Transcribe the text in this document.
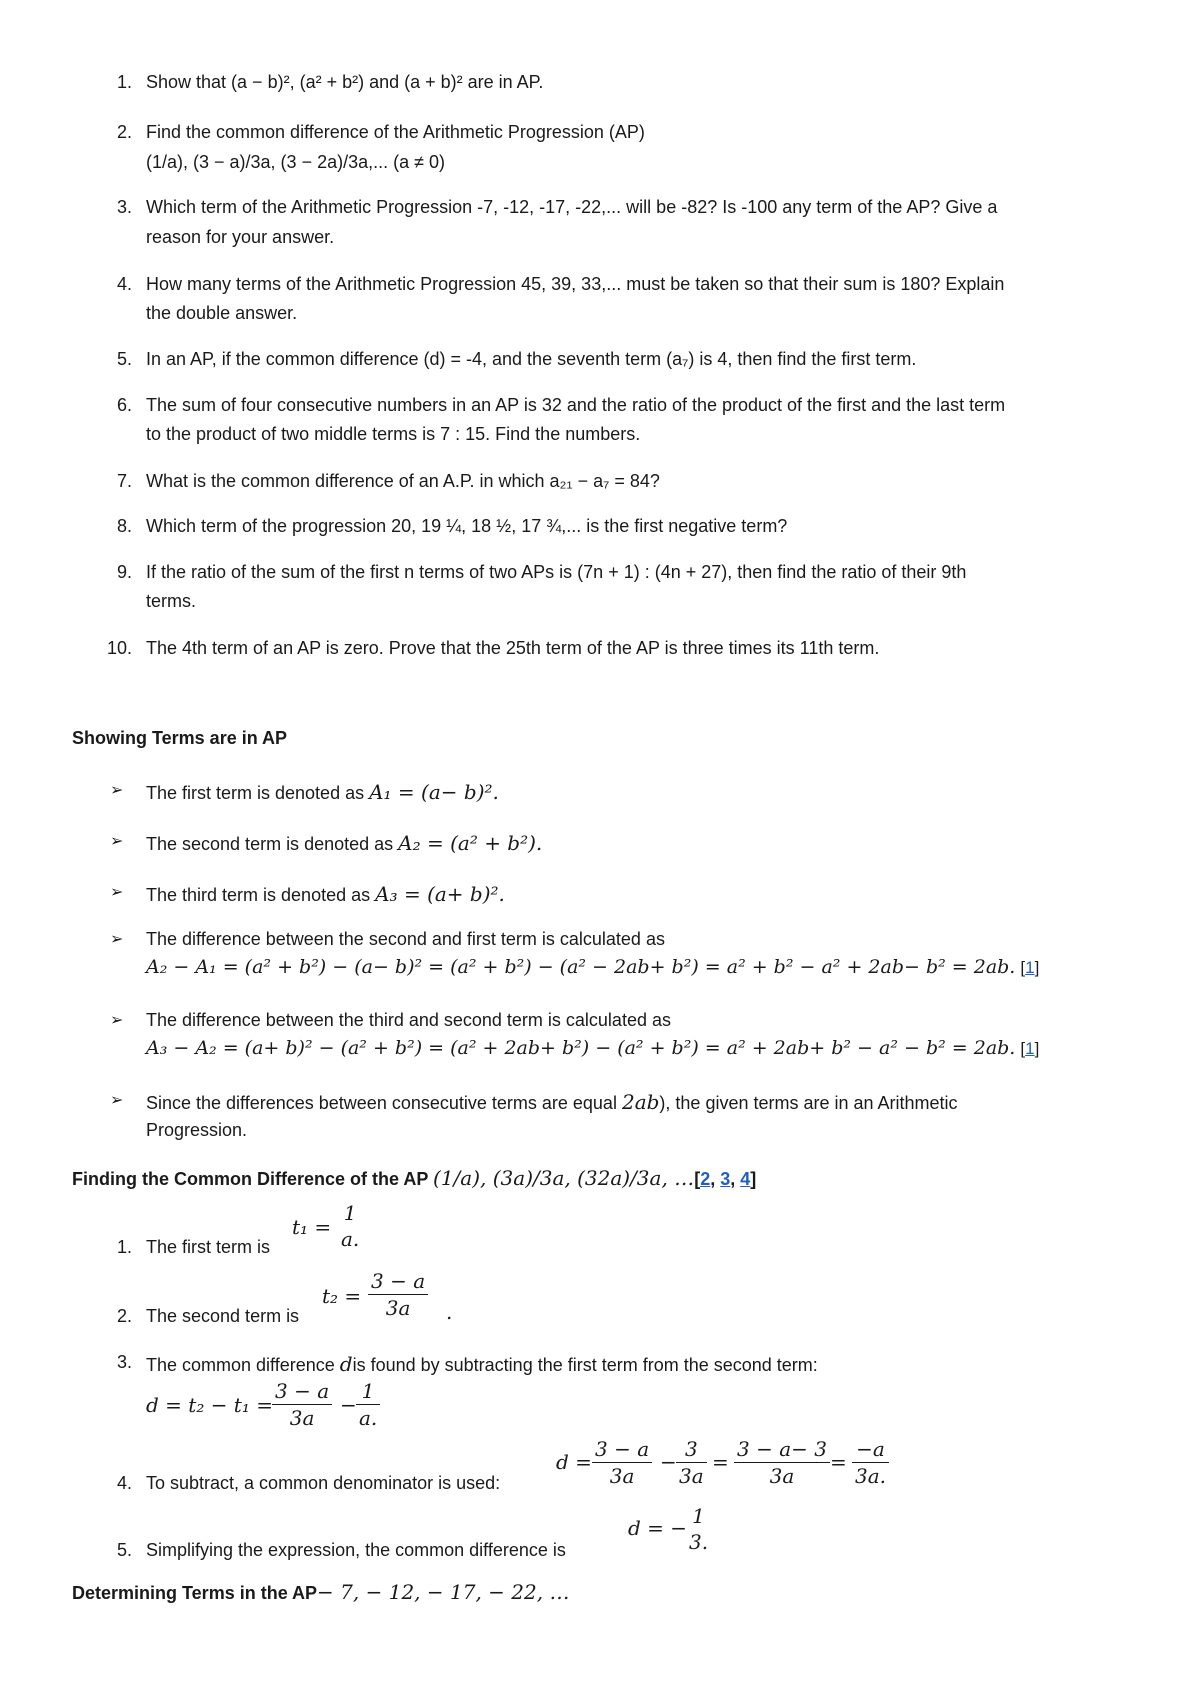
1. Show that (a − b)², (a² + b²) and (a + b)² are in AP.
2. Find the common difference of the Arithmetic Progression (AP)
(1/a), (3 − a)/3a, (3 − 2a)/3a,... (a ≠ 0)
3. Which term of the Arithmetic Progression -7, -12, -17, -22,... will be -82? Is -100 any term of the AP? Give a
reason for your answer.
4. How many terms of the Arithmetic Progression 45, 39, 33,... must be taken so that their sum is 180? Explain
the double answer.
5. In an AP, if the common difference (d) = -4, and the seventh term (a₇) is 4, then find the first term.
6. The sum of four consecutive numbers in an AP is 32 and the ratio of the product of the first and the last term
to the product of two middle terms is 7 : 15. Find the numbers.
7. What is the common difference of an A.P. in which a₂₁ − a₇ = 84?
8. Which term of the progression 20, 19 ¼, 18 ½, 17 ¾,... is the first negative term?
9. If the ratio of the sum of the first n terms of two APs is (7n + 1) : (4n + 27), then find the ratio of their 9th
terms.
10. The 4th term of an AP is zero. Prove that the 25th term of the AP is three times its 11th term.
Showing Terms are in AP
➢ The first term is denoted as A₁ = (a− b)².
➢ The second term is denoted as A₂ = (a² + b²).
➢ The third term is denoted as A₃ = (a+ b)².
➢ The difference between the second and first term is calculated as
A₂ − A₁ = (a² + b²) − (a− b)² = (a² + b²) − (a² − 2ab+ b²) = a² + b² − a² + 2ab− b² = 2ab. [1]
➢ The difference between the third and second term is calculated as
A₃ − A₂ = (a+ b)² − (a² + b²) = (a² + 2ab+ b²) − (a² + b²) = a² + 2ab+ b² − a² − b² = 2ab. [1]
➢ Since the differences between consecutive terms are equal 2ab), the given terms are in an Arithmetic
Progression.
Finding the Common Difference of the AP (1/a), (3a)/3a, (32a)/3a, …[2, 3, 4]
1. The first term is
t₁ =
1
a.
2. The second term is
$t_2 = \frac{3 - a}{3a}$ .
3. The common difference dis found by subtracting the first term from the second term:
$d = t_2 - t_1 = \frac{3 - a}{3a} - \frac{1}{a.}$
4. To subtract, a common denominator is used:
$d = \frac{3 - a}{3a} - \frac{3}{3a} = \frac{3 - a- 3}{3a} = \frac{-a}{3a.}$
5. Simplifying the expression, the common difference is
d = − 1
3.
Determining Terms in the AP− 7, − 12, − 17, − 22, …
